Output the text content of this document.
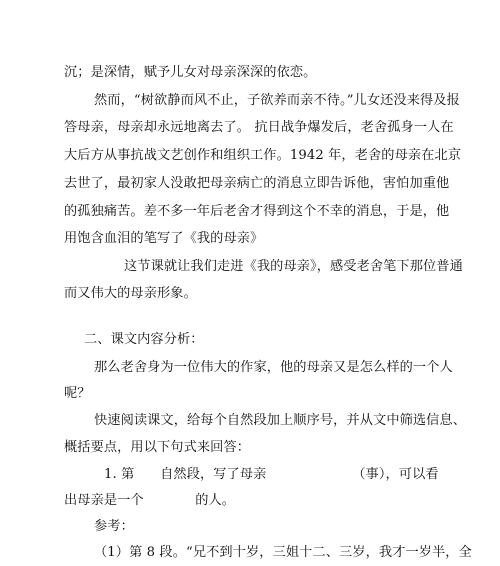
沉；是深情，赋予儿女对母亲深深的依恋。
然而，“树欲静而风不止，子欲养而亲不待。”儿女还没来得及报
答母亲，母亲却永远地离去了。 抗日战争爆发后，老舍孤身一人在
大后方从事抗战文艺创作和组织工作。1942 年，老舍的母亲在北京
去世了，最初家人没敢把母亲病亡的消息立即告诉他，害怕加重他
的孤独痛苦。差不多一年后老舍才得到这个不幸的消息，于是，他
用饱含血泪的笔写了《我的母亲》
这节课就让我们走进《我的母亲》，感受老舍笔下那位普通
而又伟大的母亲形象。
二、课文内容分析：
那么老舍身为一位伟大的作家，他的母亲又是怎么样的一个人
呢？
快速阅读课文，给每个自然段加上顺序号，并从文中筛选信息、
概括要点，用以下句式来回答：
1. 第      自然段，写了母亲                    （事），可以看
出母亲是一个            的人。
参考：
（1）第 8 段。“兄不到十岁，三姐十二、三岁，我才一岁半，全
